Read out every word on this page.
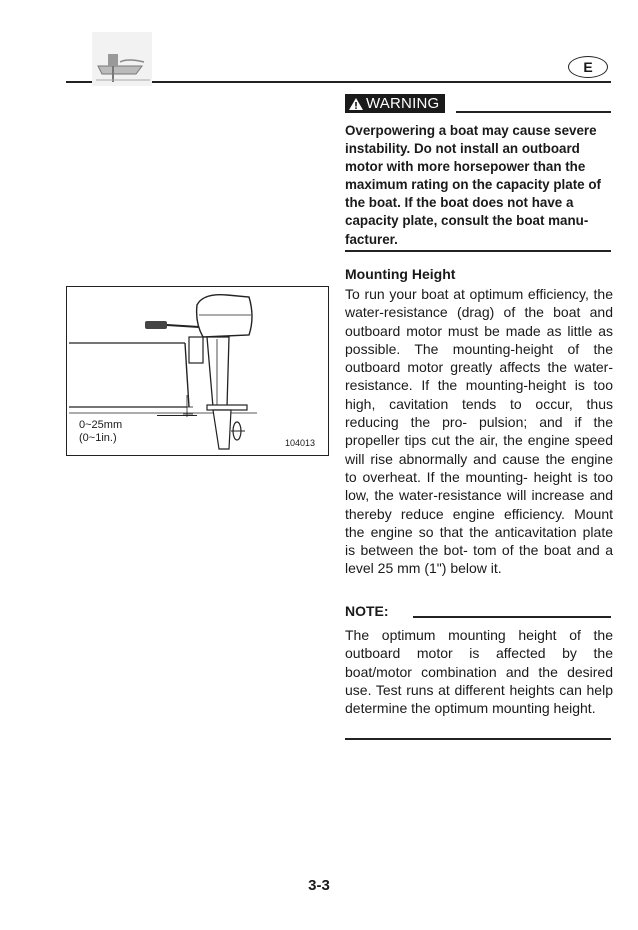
E
WARNING

Overpowering a boat may cause severe instability. Do not install an outboard motor with more horsepower than the maximum rating on the capacity plate of the boat. If the boat does not have a capacity plate, consult the boat manu- facturer.

0~25mm
(0~1in.)	104013
Mounting Height

To run your boat at optimum efficiency, the water-resistance (drag) of the boat and outboard motor must be made as little as possible. The mounting-height of the outboard motor greatly affects the water-resistance. If the mounting-height is too high, cavitation tends to occur, thus reducing the pro- pulsion; and if the propeller tips cut the air, the engine speed will rise abnormally and cause the engine to overheat. If the mounting- height is too low, the water-resistance will increase and thereby reduce engine efficiency. Mount the engine so that the anticavitation plate is between the bot- tom of the boat and a level 25 mm (1") below it.

NOTE:

The optimum mounting height of the outboard motor is affected by the boat/motor combination and the desired use. Test runs at different heights can help determine the optimum mounting height.

3-3
